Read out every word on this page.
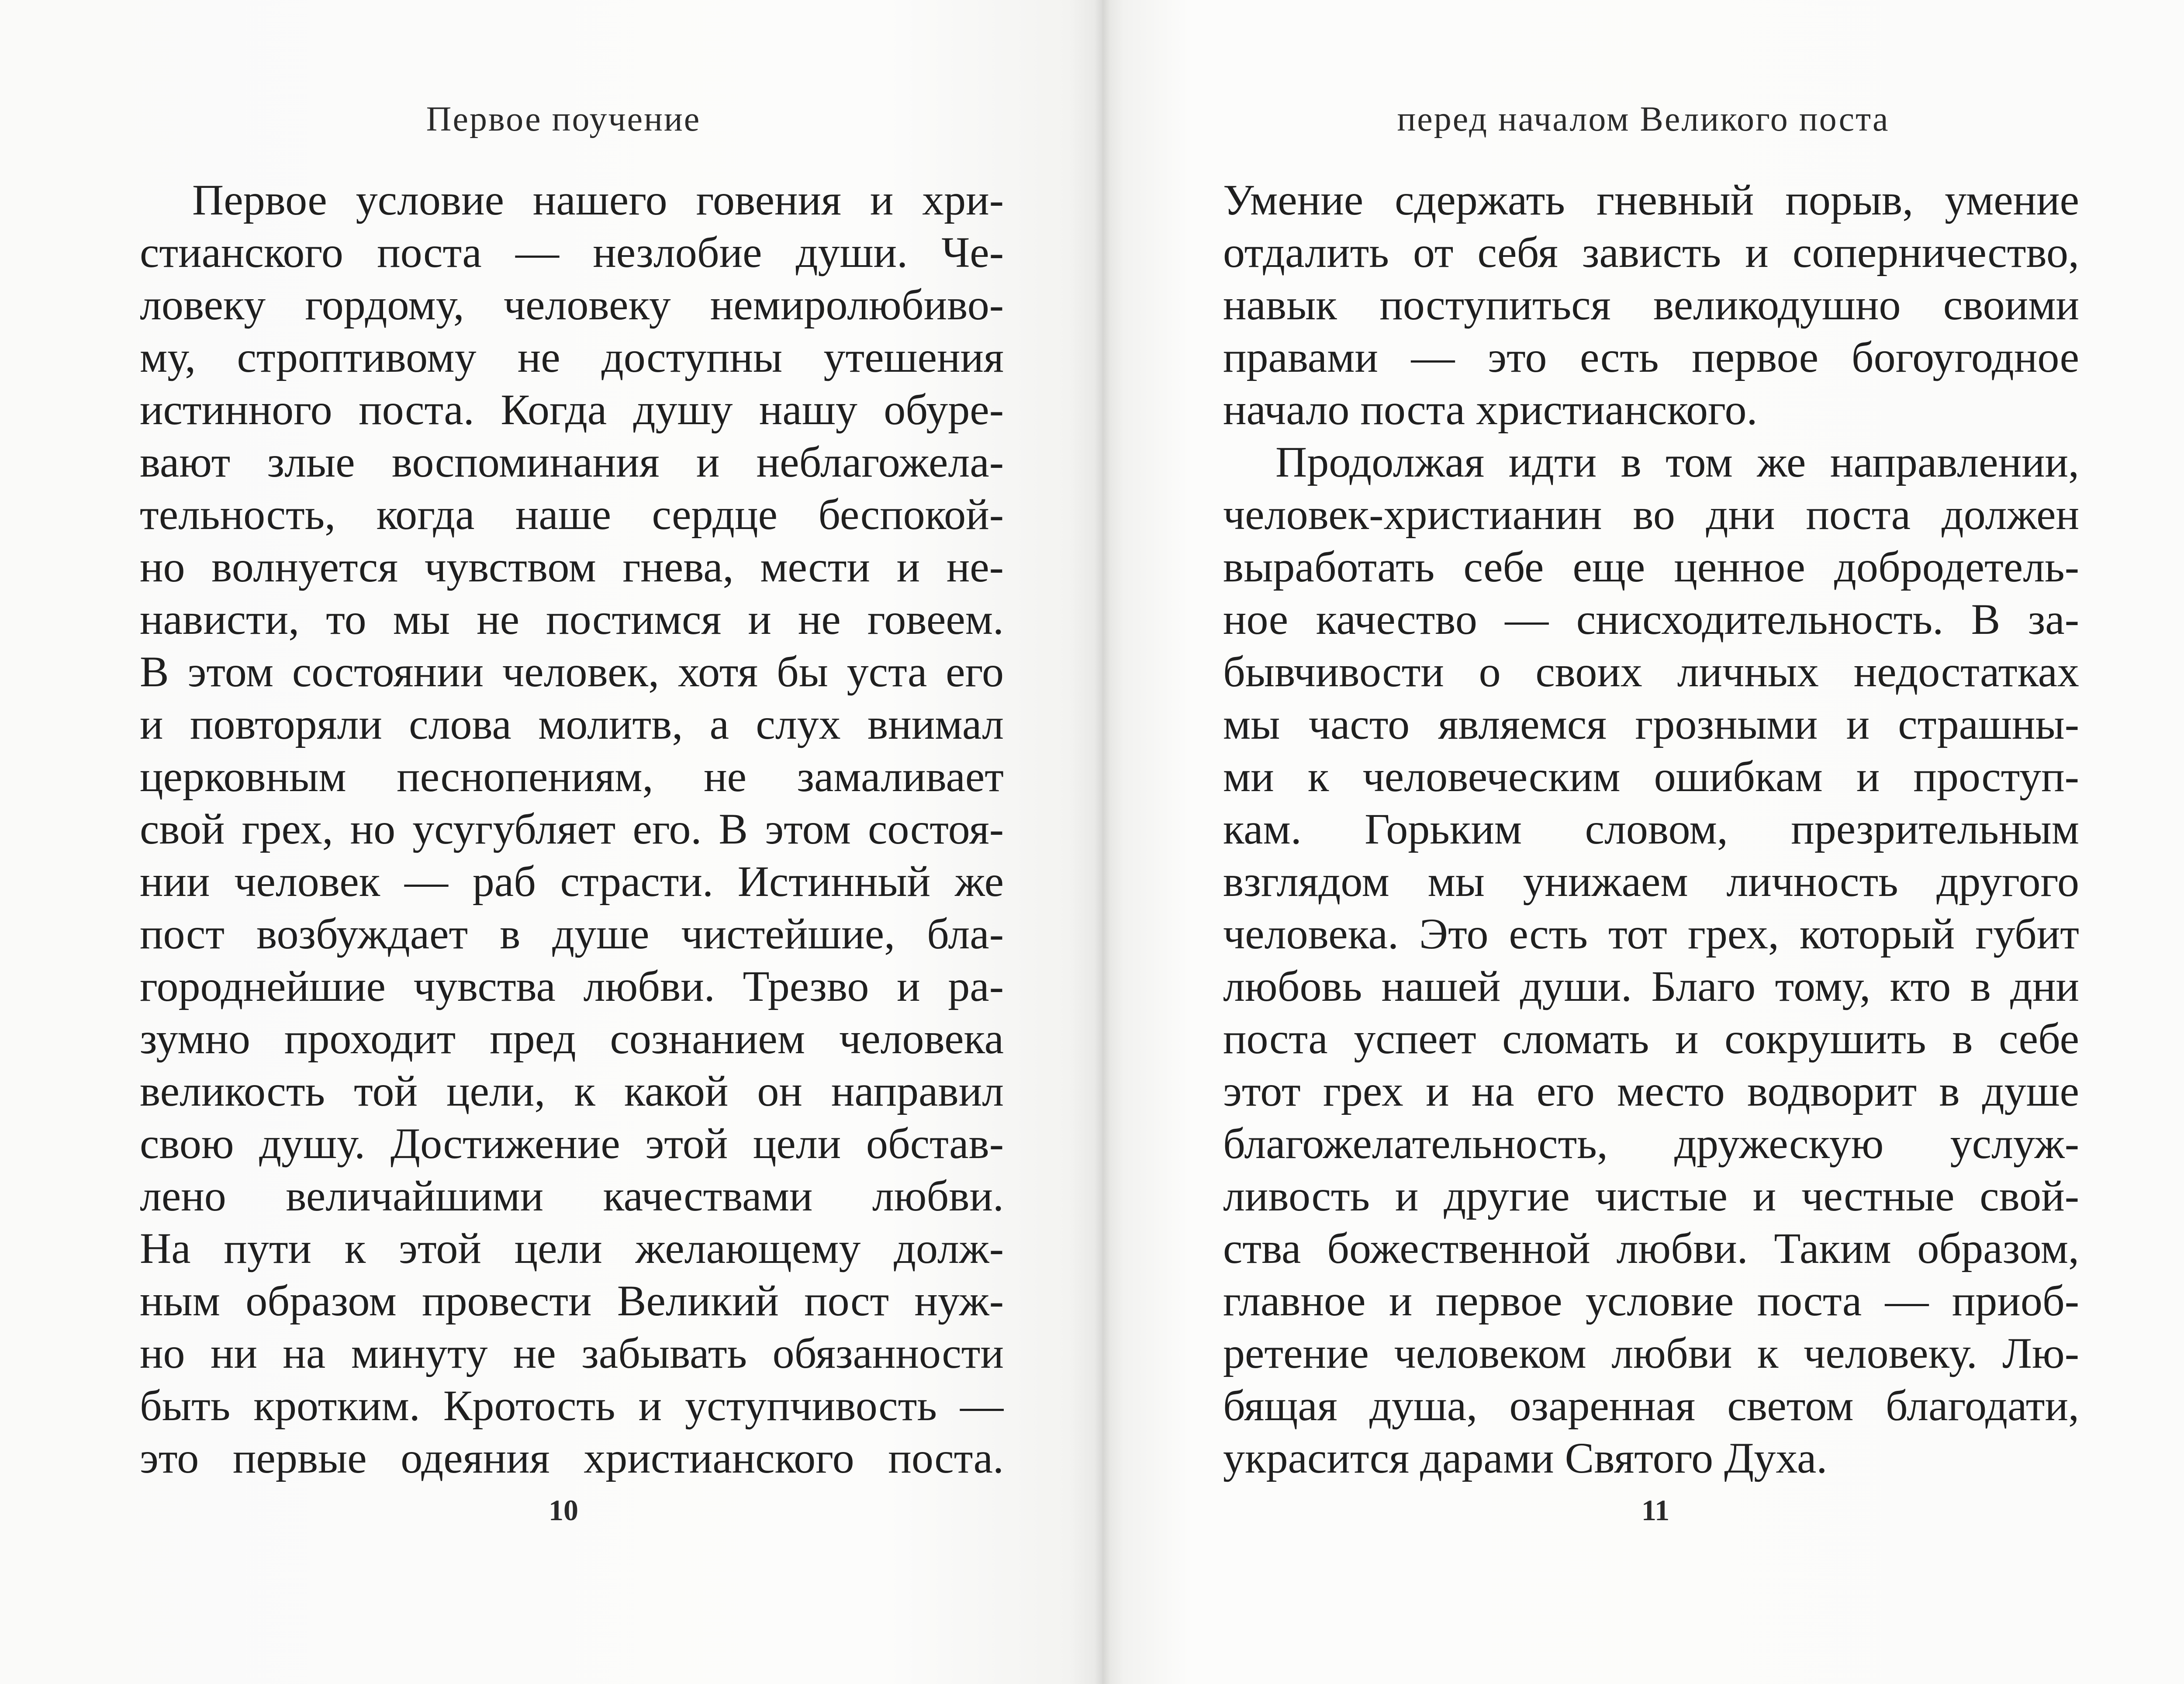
Первое поучение	перед началом Великого поста
Первое условие нашего говения и хри-
стианского поста — незлобие души. Че-
ловеку гордому, человеку немиролюбиво-
му, строптивому не доступны утешения
истинного поста. Когда душу нашу обуре-
вают злые воспоминания и неблагожела-
тельность, когда наше сердце беспокой-
но волнуется чувством гнева, мести и не-
нависти, то мы не постимся и не говеем.
В этом состоянии человек, хотя бы уста его
и повторяли слова молитв, а слух внимал
церковным песнопениям, не замаливает
свой грех, но усугубляет его. В этом состоя-
нии человек — раб страсти. Истинный же
пост возбуждает в душе чистейшие, бла-
городнейшие чувства любви. Трезво и ра-
зумно проходит пред сознанием человека
великость той цели, к какой он направил
свою душу. Достижение этой цели обстав-
лено величайшими качествами любви.
На пути к этой цели желающему долж-
ным образом провести Великий пост нуж-
но ни на минуту не забывать обязанности
быть кротким. Кротость и уступчивость —
это первые одеяния христианского поста.
Умение сдержать гневный порыв, умение
отдалить от себя зависть и соперничество,
навык поступиться великодушно своими
правами — это есть первое богоугодное
начало поста христианского.
Продолжая идти в том же направлении,
человек-христианин во дни поста должен
выработать себе еще ценное добродетель-
ное качество — снисходительность. В за-
бывчивости о своих личных недостатках
мы часто являемся грозными и страшны-
ми к человеческим ошибкам и проступ-
кам. Горьким словом, презрительным
взглядом мы унижаем личность другого
человека. Это есть тот грех, который губит
любовь нашей души. Благо тому, кто в дни
поста успеет сломать и сокрушить в себе
этот грех и на его место водворит в душе
благожелательность, дружескую услуж-
ливость и другие чистые и честные свой-
ства божественной любви. Таким образом,
главное и первое условие поста — приоб-
ретение человеком любви к человеку. Лю-
бящая душа, озаренная светом благодати,
украсится дарами Святого Духа.
10	11
